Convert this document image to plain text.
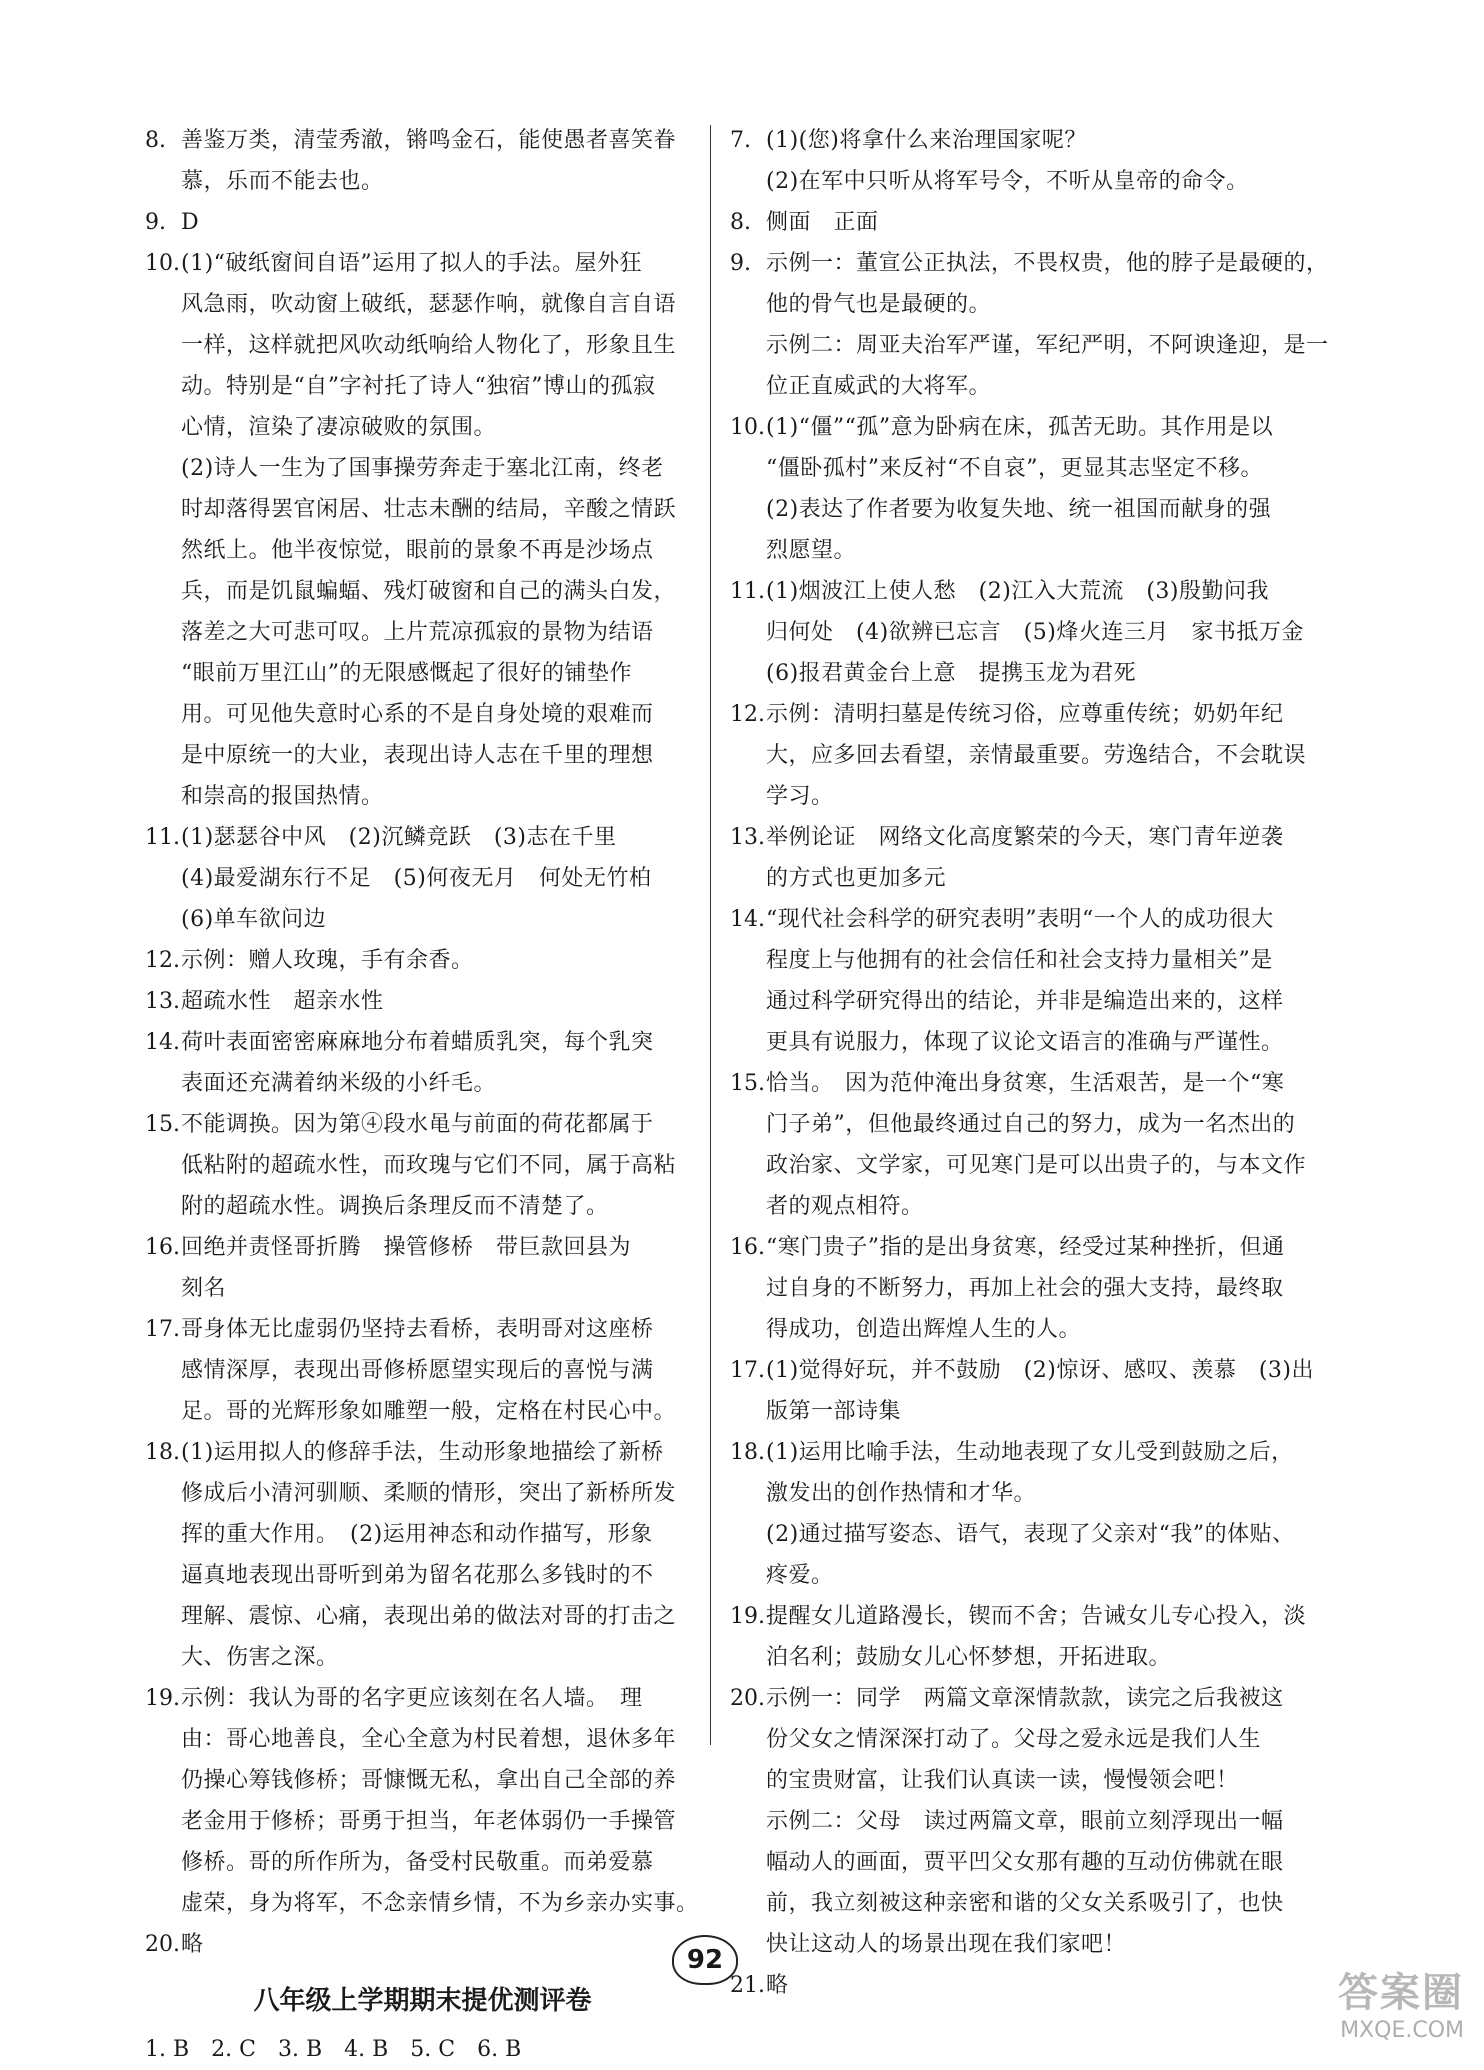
8. 善鉴万类，清莹秀澈，锵鸣金石，能使愚者喜笑眷

慕，乐而不能去也。

9. D

10. (1)“破纸窗间自语”运用了拟人的手法。屋外狂

风急雨，吹动窗上破纸，瑟瑟作响，就像自言自语

一样，这样就把风吹动纸响给人物化了，形象且生

动。特别是“自”字衬托了诗人“独宿”博山的孤寂

心情，渲染了凄凉破败的氛围。

(2)诗人一生为了国事操劳奔走于塞北江南，终老

时却落得罢官闲居、壮志未酬的结局，辛酸之情跃

然纸上。他半夜惊觉，眼前的景象不再是沙场点

兵，而是饥鼠蝙蝠、残灯破窗和自己的满头白发，

落差之大可悲可叹。上片荒凉孤寂的景物为结语

“眼前万里江山”的无限感慨起了很好的铺垫作

用。可见他失意时心系的不是自身处境的艰难而

是中原统一的大业，表现出诗人志在千里的理想

和崇高的报国热情。

11. (1)瑟瑟谷中风　(2)沉鳞竞跃　(3)志在千里

(4)最爱湖东行不足　(5)何夜无月　何处无竹柏

(6)单车欲问边

12. 示例：赠人玫瑰，手有余香。

13. 超疏水性　超亲水性

14. 荷叶表面密密麻麻地分布着蜡质乳突，每个乳突

表面还充满着纳米级的小纤毛。

15. 不能调换。因为第④段水黾与前面的荷花都属于

低粘附的超疏水性，而玫瑰与它们不同，属于高粘

附的超疏水性。调换后条理反而不清楚了。

16. 回绝并责怪哥折腾　操管修桥　带巨款回县为

刻名

17. 哥身体无比虚弱仍坚持去看桥，表明哥对这座桥

感情深厚，表现出哥修桥愿望实现后的喜悦与满

足。哥的光辉形象如雕塑一般，定格在村民心中。

18. (1)运用拟人的修辞手法，生动形象地描绘了新桥

修成后小清河驯顺、柔顺的情形，突出了新桥所发

挥的重大作用。　(2)运用神态和动作描写，形象

逼真地表现出哥听到弟为留名花那么多钱时的不

理解、震惊、心痛，表现出弟的做法对哥的打击之

大、伤害之深。

19. 示例：我认为哥的名字更应该刻在名人墙。　理

由：哥心地善良，全心全意为村民着想，退休多年

仍操心筹钱修桥；哥慷慨无私，拿出自己全部的养

老金用于修桥；哥勇于担当，年老体弱仍一手操管

修桥。哥的所作所为，备受村民敬重。而弟爱慕

虚荣，身为将军，不念亲情乡情，不为乡亲办实事。

20. 略

八年级上学期期末提优测评卷
1. B　2. C　3. B　4. B　5. C　6. B
7. (1)(您)将拿什么来治理国家呢？

(2)在军中只听从将军号令，不听从皇帝的命令。

8. 侧面　正面

9. 示例一：董宣公正执法，不畏权贵，他的脖子是最硬的，

他的骨气也是最硬的。

示例二：周亚夫治军严谨，军纪严明，不阿谀逢迎，是一

位正直威武的大将军。

10. (1)“僵”“孤”意为卧病在床，孤苦无助。其作用是以

“僵卧孤村”来反衬“不自哀”，更显其志坚定不移。

(2)表达了作者要为收复失地、统一祖国而献身的强

烈愿望。

11. (1)烟波江上使人愁　(2)江入大荒流　(3)殷勤问我

归何处　(4)欲辨已忘言　(5)烽火连三月　家书抵万金

(6)报君黄金台上意　提携玉龙为君死

12. 示例：清明扫墓是传统习俗，应尊重传统；奶奶年纪

大，应多回去看望，亲情最重要。劳逸结合，不会耽误

学习。

13. 举例论证　网络文化高度繁荣的今天，寒门青年逆袭

的方式也更加多元

14. “现代社会科学的研究表明”表明“一个人的成功很大

程度上与他拥有的社会信任和社会支持力量相关”是

通过科学研究得出的结论，并非是编造出来的，这样

更具有说服力，体现了议论文语言的准确与严谨性。

15. 恰当。　因为范仲淹出身贫寒，生活艰苦，是一个“寒

门子弟”，但他最终通过自己的努力，成为一名杰出的

政治家、文学家，可见寒门是可以出贵子的，与本文作

者的观点相符。

16. “寒门贵子”指的是出身贫寒，经受过某种挫折，但通

过自身的不断努力，再加上社会的强大支持，最终取

得成功，创造出辉煌人生的人。

17. (1)觉得好玩，并不鼓励　(2)惊讶、感叹、羡慕　(3)出

版第一部诗集

18. (1)运用比喻手法，生动地表现了女儿受到鼓励之后，

激发出的创作热情和才华。

(2)通过描写姿态、语气，表现了父亲对“我”的体贴、

疼爱。

19. 提醒女儿道路漫长，锲而不舍；告诫女儿专心投入，淡

泊名利；鼓励女儿心怀梦想，开拓进取。

20. 示例一：同学　两篇文章深情款款，读完之后我被这

份父女之情深深打动了。父母之爱永远是我们人生

的宝贵财富，让我们认真读一读，慢慢领会吧！

示例二：父母　读过两篇文章，眼前立刻浮现出一幅

幅动人的画面，贾平凹父女那有趣的互动仿佛就在眼

前，我立刻被这种亲密和谐的父女关系吸引了，也快

快让这动人的场景出现在我们家吧！

21. 略

92
答案圈
MXQE.COM
